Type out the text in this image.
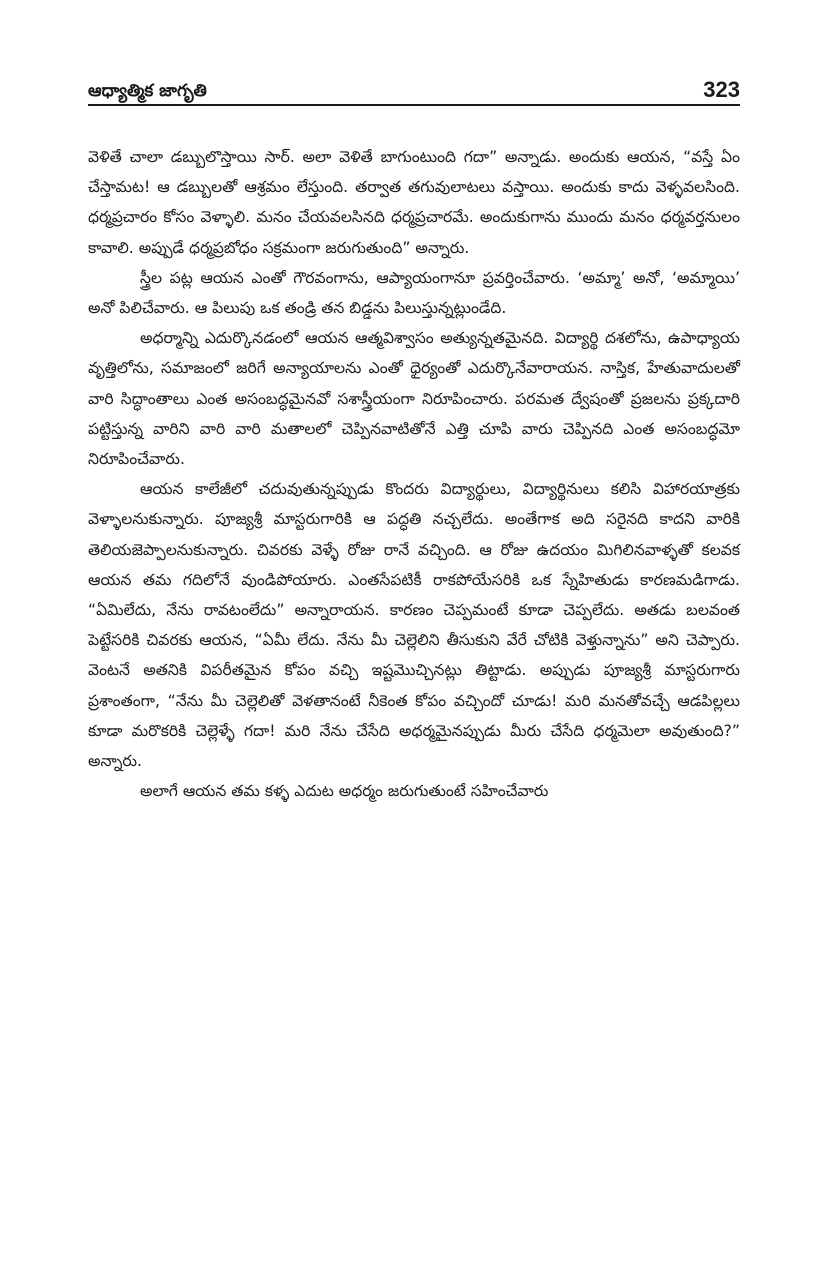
ఆధ్యాత్మిక జాగృతి	323

వెళితే చాలా డబ్బులొస్తాయి సార్. అలా వెళితే బాగుంటుంది గదా” అన్నాడు. అందుకు ఆయన, “వస్తే ఏం చేస్తామట! ఆ డబ్బులతో ఆశ్రమం లేస్తుంది. తర్వాత తగువులాటలు వస్తాయి. అందుకు కాదు వెళ్ళవలసింది. ధర్మప్రచారం కోసం వెళ్ళాలి. మనం చేయవలసినది ధర్మప్రచారమే. అందుకుగాను ముందు మనం ధర్మవర్తనులం కావాలి. అప్పుడే ధర్మప్రబోధం సక్రమంగా జరుగుతుంది” అన్నారు.

స్త్రీల పట్ల ఆయన ఎంతో గౌరవంగాను, ఆప్యాయంగానూ ప్రవర్తించేవారు. ‘అమ్మా’ అనో, ‘అమ్మాయి’ అనో పిలిచేవారు. ఆ పిలుపు ఒక తండ్రి తన బిడ్డను పిలుస్తున్నట్లుండేది.

అధర్మాన్ని ఎదుర్కొనడంలో ఆయన ఆత్మవిశ్వాసం అత్యున్నతమైనది. విద్యార్థి దశలోను, ఉపాధ్యాయ వృత్తిలోను, సమాజంలో జరిగే అన్యాయాలను ఎంతో ధైర్యంతో ఎదుర్కొనేవారాయన. నాస్తిక, హేతువాదులతో వారి సిద్ధాంతాలు ఎంత అసంబద్ధమైనవో సశాస్త్రీయంగా నిరూపించారు. పరమత ద్వేషంతో ప్రజలను ప్రక్కదారి పట్టిస్తున్న వారిని వారి వారి మతాలలో చెప్పినవాటితోనే ఎత్తి చూపి వారు చెప్పినది ఎంత అసంబద్ధమో నిరూపించేవారు.

ఆయన కాలేజీలో చదువుతున్నప్పుడు కొందరు విద్యార్థులు, విద్యార్థినులు కలిసి విహారయాత్రకు వెళ్ళాలనుకున్నారు. పూజ్యశ్రీ మాస్టరుగారికి ఆ పద్ధతి నచ్చలేదు. అంతేగాక అది సరైనది కాదని వారికి తెలియజెప్పాలనుకున్నారు. చివరకు వెళ్ళే రోజు రానే వచ్చింది. ఆ రోజు ఉదయం మిగిలినవాళ్ళతో కలవక ఆయన తమ గదిలోనే వుండిపోయారు. ఎంతసేపటికీ రాకపోయేసరికి ఒక స్నేహితుడు కారణమడిగాడు. “ఏమిలేదు, నేను రావటంలేదు” అన్నారాయన. కారణం చెప్పమంటే కూడా చెప్పలేదు. అతడు బలవంత పెట్టేసరికి చివరకు ఆయన, “ఏమీ లేదు. నేను మీ చెల్లెలిని తీసుకుని వేరే చోటికి వెళ్తున్నాను” అని చెప్పారు. వెంటనే అతనికి విపరీతమైన కోపం వచ్చి ఇష్టమొచ్చినట్లు తిట్టాడు. అప్పుడు పూజ్యశ్రీ మాస్టరుగారు ప్రశాంతంగా, “నేను మీ చెల్లెలితో వెళతానంటే నీకెంత కోపం వచ్చిందో చూడు! మరి మనతోవచ్చే ఆడపిల్లలు కూడా మరొకరికి చెల్లెళ్ళే గదా! మరి నేను చేసేది అధర్మమైనప్పుడు మీరు చేసేది ధర్మమెలా అవుతుంది?” అన్నారు.

అలాగే ఆయన తమ కళ్ళ ఎదుట అధర్మం జరుగుతుంటే సహించేవారు
